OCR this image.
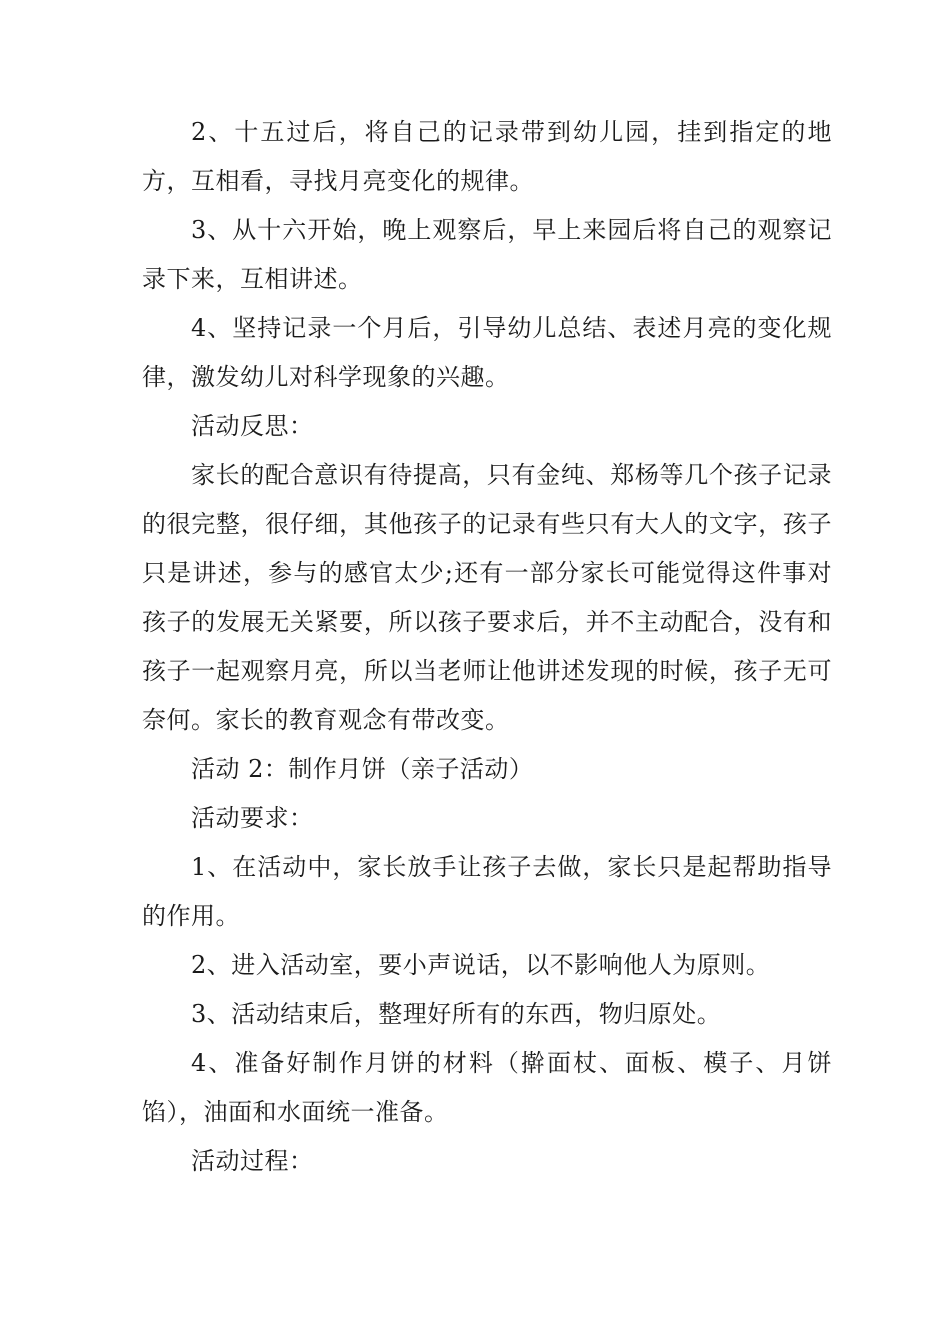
2、十五过后，将自己的记录带到幼儿园，挂到指定的地方，互相看，寻找月亮变化的规律。

3、从十六开始，晚上观察后，早上来园后将自己的观察记录下来，互相讲述。

4、坚持记录一个月后，引导幼儿总结、表述月亮的变化规律，激发幼儿对科学现象的兴趣。

活动反思：

家长的配合意识有待提高，只有金纯、郑杨等几个孩子记录的很完整，很仔细，其他孩子的记录有些只有大人的文字，孩子只是讲述，参与的感官太少;还有一部分家长可能觉得这件事对孩子的发展无关紧要，所以孩子要求后，并不主动配合，没有和孩子一起观察月亮，所以当老师让他讲述发现的时候，孩子无可奈何。家长的教育观念有带改变。

活动 2：制作月饼（亲子活动）

活动要求：

1、在活动中，家长放手让孩子去做，家长只是起帮助指导的作用。

2、进入活动室，要小声说话，以不影响他人为原则。

3、活动结束后，整理好所有的东西，物归原处。

4、准备好制作月饼的材料（擀面杖、面板、模子、月饼馅），油面和水面统一准备。

活动过程：
